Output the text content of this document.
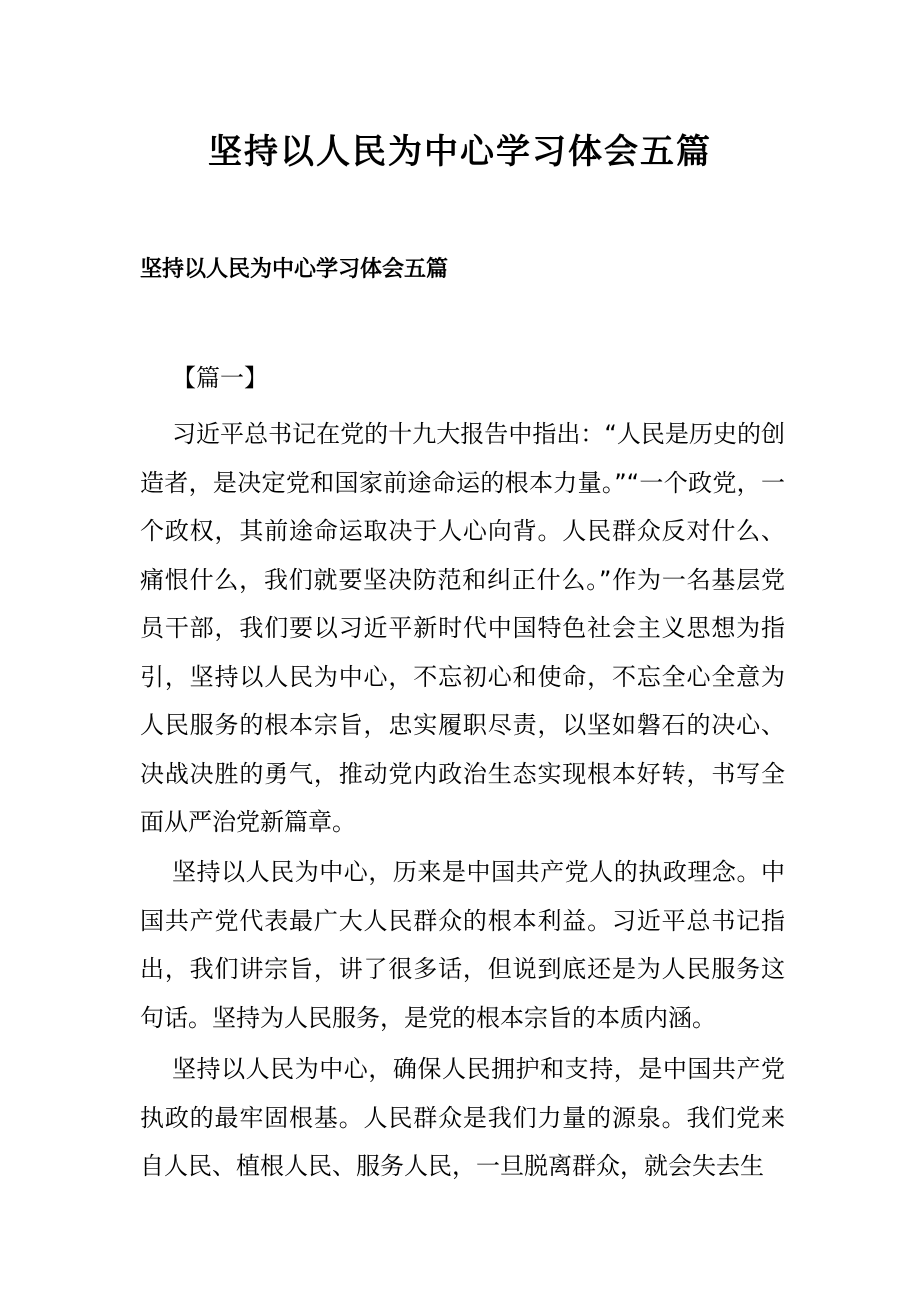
坚持以人民为中心学习体会五篇
坚持以人民为中心学习体会五篇
【篇一】

习近平总书记在党的十九大报告中指出：“人民是历史的创造者，是决定党和国家前途命运的根本力量。”“一个政党，一个政权，其前途命运取决于人心向背。人民群众反对什么、痛恨什么，我们就要坚决防范和纠正什么。”作为一名基层党员干部，我们要以习近平新时代中国特色社会主义思想为指引，坚持以人民为中心，不忘初心和使命，不忘全心全意为人民服务的根本宗旨，忠实履职尽责，以坚如磐石的决心、决战决胜的勇气，推动党内政治生态实现根本好转，书写全面从严治党新篇章。

坚持以人民为中心，历来是中国共产党人的执政理念。中国共产党代表最广大人民群众的根本利益。习近平总书记指出，我们讲宗旨，讲了很多话，但说到底还是为人民服务这句话。坚持为人民服务，是党的根本宗旨的本质内涵。

坚持以人民为中心，确保人民拥护和支持，是中国共产党执政的最牢固根基。人民群众是我们力量的源泉。我们党来自人民、植根人民、服务人民，一旦脱离群众，就会失去生
